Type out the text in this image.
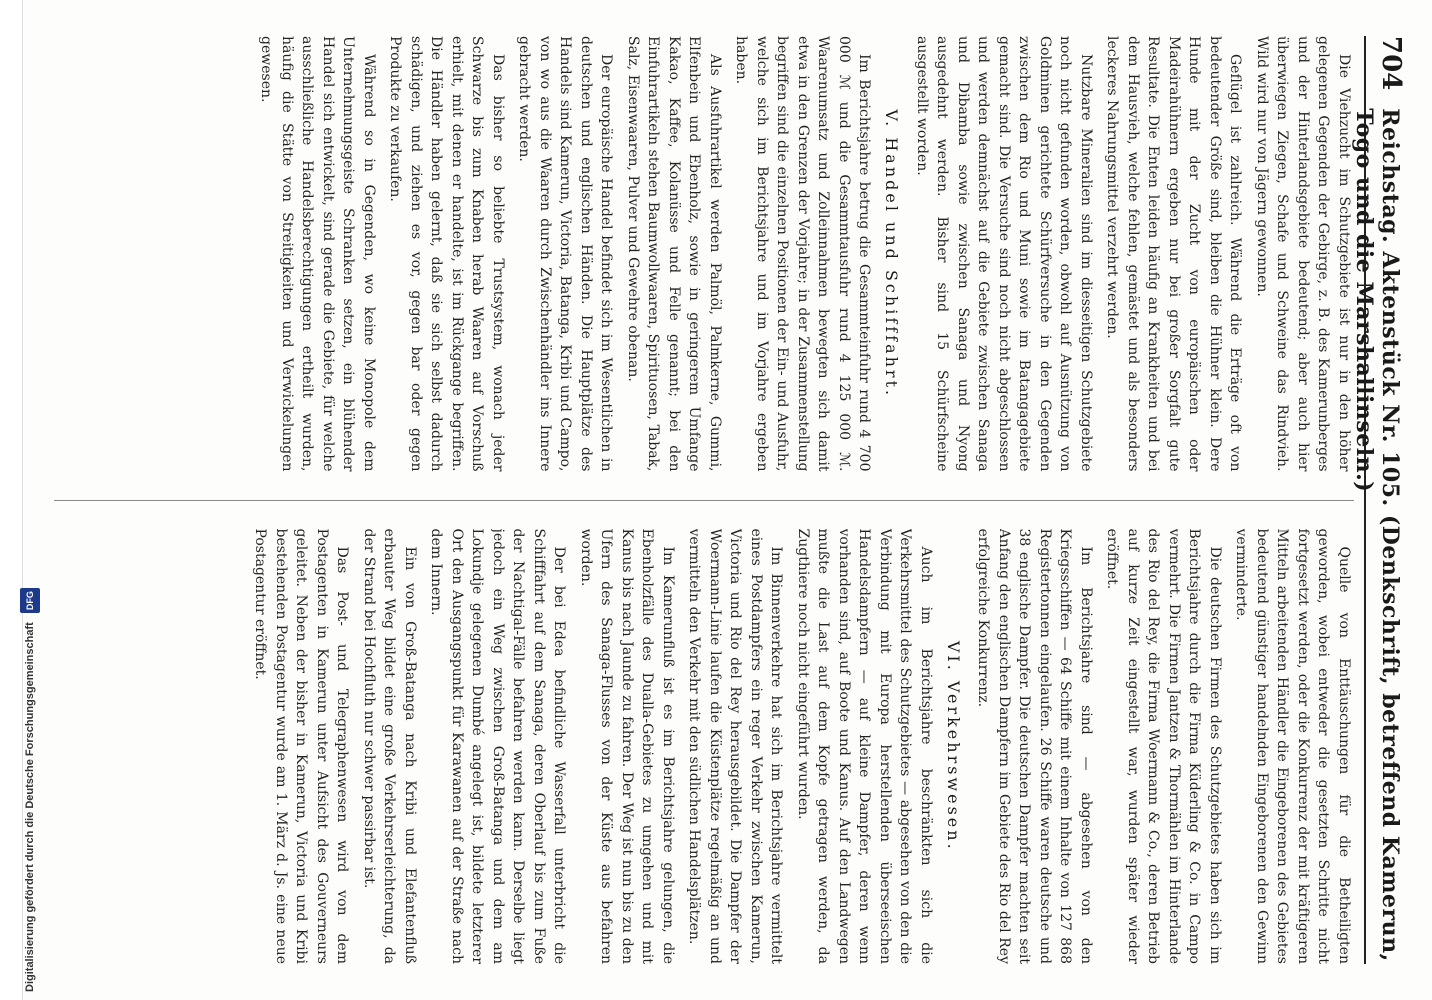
704
Reichstag. Aktenstück Nr. 105. (Denkschrift, betreffend Kamerun, Togo und die Marshallinseln.)

Die Viehzucht im Schutzgebiete ist nur in den höher gelegenen Gegenden der Gebirge, z. B. des Kamerunberges und der Hinterlandsgebiete bedeutend; aber auch hier überwiegen Ziegen, Schafe und Schweine das Rindvieh. Wild wird nur von Jägern gewonnen.

Geflügel ist zahlreich. Während die Erträge oft von bedeutender Größe sind, bleiben die Hühner klein. Dere Hunde mit der Zucht von europäischen oder Madeirahühnern ergeben nur bei großer Sorgfalt gute Resultate. Die Enten leiden häufig an Krankheiten und bei dem Hausvieh, welche fehlen, gemästet und als besonders leckeres Nahrungsmittel verzehrt werden.

Nutzbare Mineralien sind im diesseitigen Schutzgebiete noch nicht gefunden worden, obwohl auf Ausnützung von Goldminen gerichtete Schürfversuche in den Gegenden zwischen dem Rio und Muni sowie im Batangagebiete gemacht sind. Die Versuche sind noch nicht abgeschlossen und werden demnächst auf die Gebiete zwischen Sanaga und Dibamba sowie zwischen Sanaga und Nyong ausgedehnt werden. Bisher sind 15 Schürfscheine ausgestellt worden.

V. Handel und Schifffahrt.

Im Berichtsjahre betrug die Gesammteinfuhr rund 4 700 000 ℳ und die Gesammtausfuhr rund 4 125 000 ℳ. Waarenumsatz und Zolleinnahmen bewegten sich damit etwa in den Grenzen der Vorjahre; in der Zusammenstellung begriffen sind die einzelnen Positionen der Ein- und Ausfuhr, welche sich im Berichtsjahre und im Vorjahre ergeben haben.

Als Ausfuhrartikel werden Palmöl, Palmkerne, Gummi, Elfenbein und Ebenholz, sowie in geringerem Umfange Kakao, Kaffee, Kolanüsse und Felle genannt; bei den Einfuhrartikeln stehen Baumwollwaaren, Spirituosen, Tabak, Salz, Eisenwaaren, Pulver und Gewehre obenan.

Der europäische Handel befindet sich im Wesentlichen in deutschen und englischen Händen. Die Hauptplätze des Handels sind Kamerun, Victoria, Batanga, Kribi und Campo, von wo aus die Waaren durch Zwischenhändler ins Innere gebracht werden.

Das bisher so beliebte Trustsystem, wonach jeder Schwarze bis zum Knaben herab Waaren auf Vorschuß erhielt, mit denen er handelte, ist im Rückgange begriffen. Die Händler haben gelernt, daß sie sich selbst dadurch schädigen, und ziehen es vor, gegen bar oder gegen Produkte zu verkaufen.

Während so in Gegenden, wo keine Monopole dem Unternehmungsgeiste Schranken setzen, ein blühender Handel sich entwickelt, sind gerade die Gebiete, für welche ausschließliche Handelsberechtigungen ertheilt wurden, häufig die Stätte von Streitigkeiten und Verwickelungen gewesen.

Quelle von Enttäuschungen für die Betheiligten geworden, wobei entweder die gesetzten Schritte nicht fortgesetzt werden, oder die Konkurrenz der mit kräftigeren Mitteln arbeitenden Händler die Eingeborenen des Gebietes bedeutend günstiger handelnden Eingeborenen den Gewinn verminderte.

Die deutschen Firmen des Schutzgebietes haben sich im Berichtsjahre durch die Firma Küderling & Co. in Campo vermehrt. Die Firmen Jantzen & Thormählen im Hinterlande des Rio del Rey, die Firma Woermann & Co., deren Betrieb auf kurze Zeit eingestellt war, wurden später wieder eröffnet.

Im Berichtsjahre sind — abgesehen von den Kriegsschiffen — 64 Schiffe mit einem Inhalte von 127 868 Registertonnen eingelaufen. 26 Schiffe waren deutsche und 38 englische Dampfer. Die deutschen Dampfer machten seit Anfang den englischen Dampfern im Gebiete des Rio del Rey erfolgreiche Konkurrenz.

VI. Verkehrswesen.

Auch im Berichtsjahre beschränkten sich die Verkehrsmittel des Schutzgebietes — abgesehen von den die Verbindung mit Europa herstellenden überseeischen Handelsdampfern — auf kleine Dampfer, deren wenn vorhanden sind, auf Boote und Kanus. Auf den Landwegen mußte die Last auf dem Kopfe getragen werden, da Zugthiere noch nicht eingeführt wurden.

Im Binnenverkehre hat sich im Berichtsjahre vermittelt eines Postdampfers ein reger Verkehr zwischen Kamerun, Victoria und Rio del Rey herausgebildet. Die Dampfer der Woermann-Linie laufen die Küstenplätze regelmäßig an und vermitteln den Verkehr mit den südlichen Handelsplätzen.

Im Kamerunfluß ist es im Berichtsjahre gelungen, die Ebenholzfälle des Dualla-Gebietes zu umgehen und mit Kanus bis nach Jaunde zu fahren. Der Weg ist nun bis zu den Ufern des Sanaga-Flusses von der Küste aus befahren worden.

Der bei Edea befindliche Wasserfall unterbricht die Schifffahrt auf dem Sanaga, deren Oberlauf bis zum Fuße der Nachtigal-Fälle befahren werden kann. Derselbe liegt jedoch ein Weg zwischen Groß-Batanga und dem am Lokundje gelegenen Dumbé angelegt ist, bildete letzterer Ort den Ausgangspunkt für Karawanen auf der Straße nach dem Innern.

Ein von Groß-Batanga nach Kribi und Elefantenfluß erbauter Weg bildet eine große Verkehrserleichterung, da der Strand bei Hochfluth nur schwer passirbar ist.

Das Post- und Telegraphenwesen wird von dem Postagenten in Kamerun unter Aufsicht des Gouverneurs geleitet. Neben der bisher in Kamerun, Victoria und Kribi bestehenden Postagentur wurde am 1. März d. Js. eine neue Postagentur eröffnet.

Digitalisierung gefördert durch die Deutsche Forschungsgemeinschaft DFG
